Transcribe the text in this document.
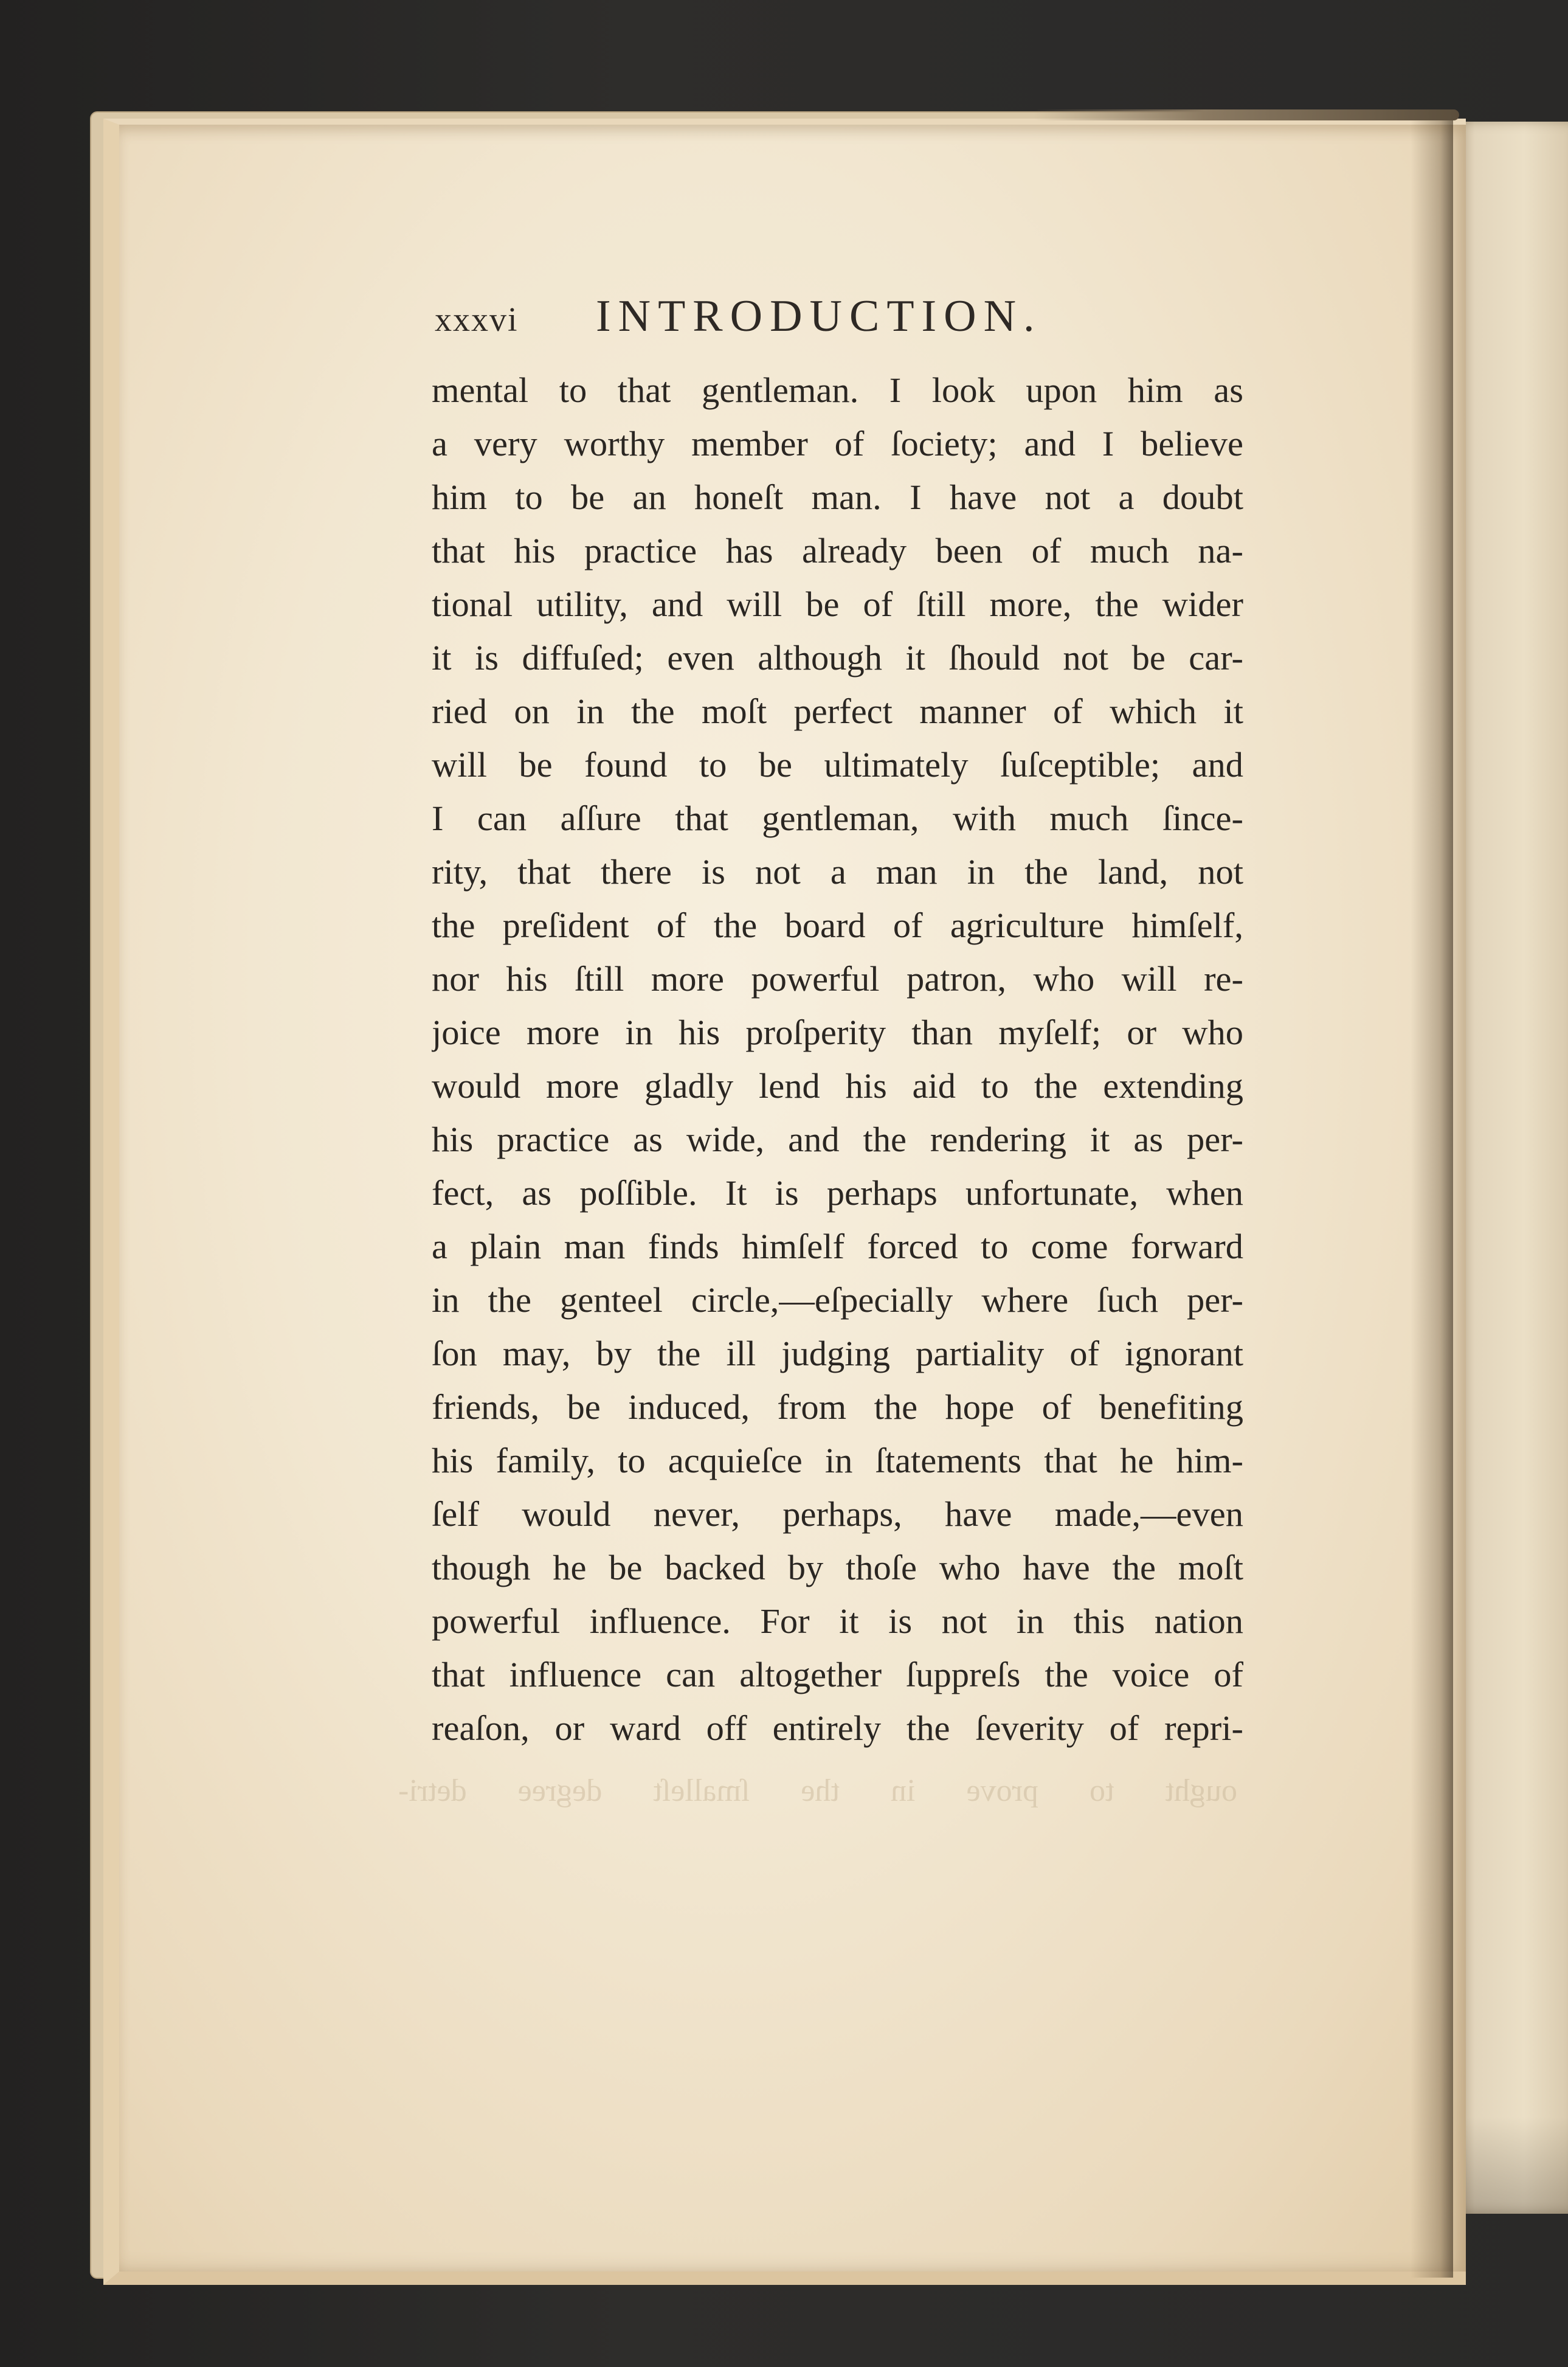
xxxvi INTRODUCTION.
mental to that gentleman. I look upon him as
a very worthy member of ſociety; and I believe
him to be an honeſt man. I have not a doubt
that his practice has already been of much na-
tional utility, and will be of ſtill more, the wider
it is diffuſed; even although it ſhould not be car-
ried on in the moſt perfect manner of which it
will be found to be ultimately ſuſceptible; and
I can aſſure that gentleman, with much ſince-
rity, that there is not a man in the land, not
the preſident of the board of agriculture himſelf,
nor his ſtill more powerful patron, who will re-
joice more in his proſperity than myſelf; or who
would more gladly lend his aid to the extending
his practice as wide, and the rendering it as per-
fect, as poſſible. It is perhaps unfortunate, when
a plain man finds himſelf forced to come forward
in the genteel circle,—eſpecially where ſuch per-
ſon may, by the ill judging partiality of ignorant
friends, be induced, from the hope of benefiting
his family, to acquieſce in ſtatements that he him-
ſelf would never, perhaps, have made,—even
though he be backed by thoſe who have the moſt
powerful influence. For it is not in this nation
that influence can altogether ſuppreſs the voice of
reaſon, or ward off entirely the ſeverity of repri-
ought to prove in the ſmalleſt degree detri-
